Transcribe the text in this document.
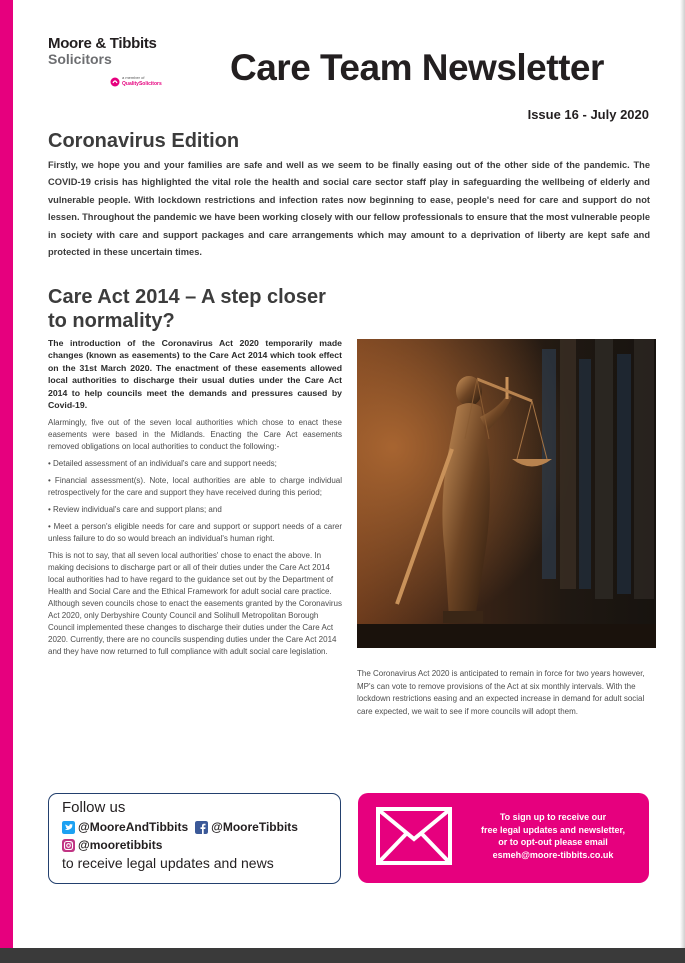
Moore & Tibbits
Solicitors
a member of
QualitySolicitors Care Team Newsletter
Issue 16 - July 2020
Coronavirus Edition
Firstly, we hope you and your families are safe and well as we seem to be finally easing out of the other side of the pandemic. The COVID-19 crisis has highlighted the vital role the health and social care sector staff play in safeguarding the wellbeing of elderly and vulnerable people. With lockdown restrictions and infection rates now beginning to ease, people's need for care and support do not lessen. Throughout the pandemic we have been working closely with our fellow professionals to ensure that the most vulnerable people in society with care and support packages and care arrangements which may amount to a deprivation of liberty are kept safe and protected in these uncertain times.
Care Act 2014 – A step closer to normality?
The introduction of the Coronavirus Act 2020 temporarily made changes (known as easements) to the Care Act 2014 which took effect on the 31st March 2020. The enactment of these easements allowed local authorities to discharge their usual duties under the Care Act 2014 to help councils meet the demands and pressures caused by Covid-19.

Alarmingly, five out of the seven local authorities which chose to enact these easements were based in the Midlands. Enacting the Care Act easements removed obligations on local authorities to conduct the following:-

• Detailed assessment of an individual's care and support needs;

• Financial assessment(s). Note, local authorities are able to charge individual retrospectively for the care and support they have received during this period;

• Review individual's care and support plans; and

• Meet a person's eligible needs for care and support or support needs of a carer unless failure to do so would breach an individual's human right.

This is not to say, that all seven local authorities' chose to enact the above. In making decisions to discharge part or all of their duties under the Care Act 2014 local authorities had to have regard to the guidance set out by the Department of Health and Social Care and the Ethical Framework for adult social care practice. Although seven councils chose to enact the easements granted by the Coronavirus Act 2020, only Derbyshire County Council and Solihull Metropolitan Borough Council implemented these changes to discharge their duties under the Care Act 2020. Currently, there are no councils suspending duties under the Care Act 2014 and they have now returned to full compliance with adult social care legislation.

The Coronavirus Act 2020 is anticipated to remain in force for two years however, MP's can vote to remove provisions of the Act at six monthly intervals. With the lockdown restrictions easing and an expected increase in demand for adult social care expected, we wait to see if more councils will adopt them.
Follow us
@MooreAndTibbits @MooreTibbits
@mooretibbits
to receive legal updates and news
To sign up to receive our
free legal updates and newsletter,
or to opt-out please email
esmeh@moore-tibbits.co.uk
